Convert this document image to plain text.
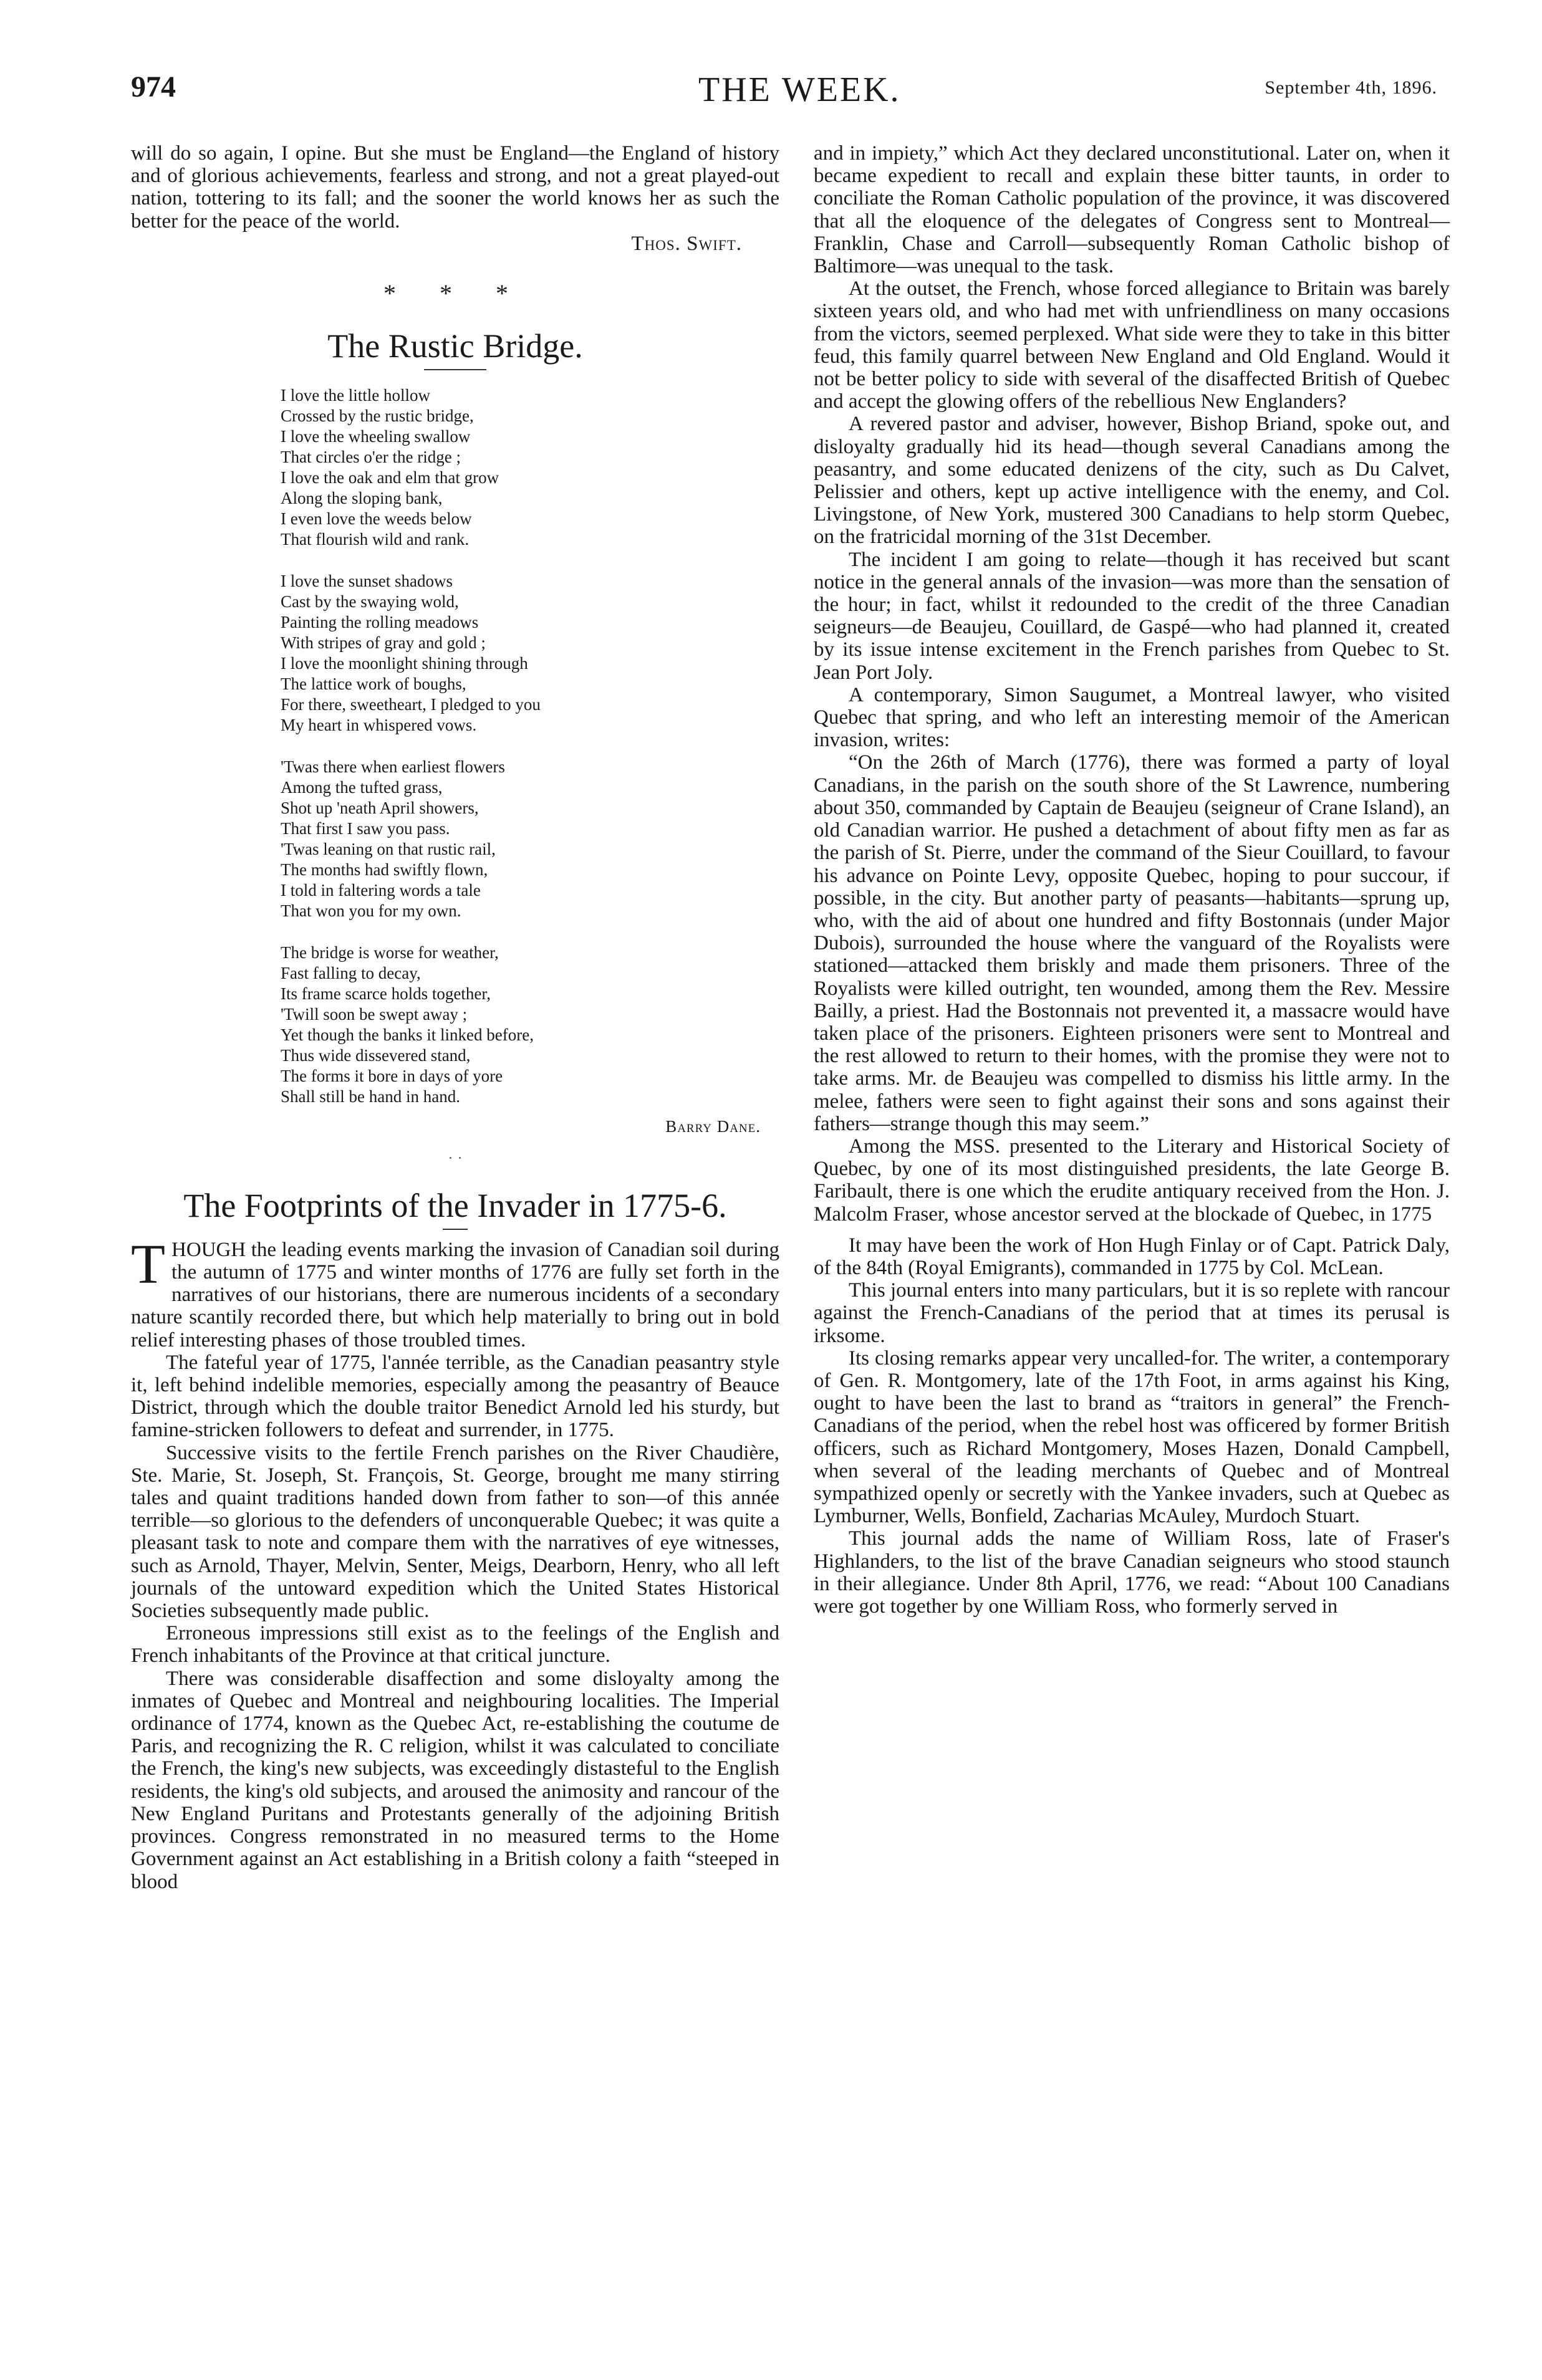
974	THE WEEK.	September 4th, 1896.

will do so again, I opine. But she must be England—the England of history and of glorious achievements, fearless and strong, and not a great played-out nation, tottering to its fall; and the sooner the world knows her as such the better for the peace of the world.

Thos. Swift.
* * *
The Rustic Bridge.
I love the little hollow
Crossed by the rustic bridge,
I love the wheeling swallow
That circles o'er the ridge ;
I love the oak and elm that grow
Along the sloping bank,
I even love the weeds below
That flourish wild and rank.
I love the sunset shadows
Cast by the swaying wold,
Painting the rolling meadows
With stripes of gray and gold ;
I love the moonlight shining through
The lattice work of boughs,
For there, sweetheart, I pledged to you
My heart in whispered vows.
'Twas there when earliest flowers
Among the tufted grass,
Shot up 'neath April showers,
That first I saw you pass.
'Twas leaning on that rustic rail,
The months had swiftly flown,
I told in faltering words a tale
That won you for my own.
The bridge is worse for weather,
Fast falling to decay,
Its frame scarce holds together,
'Twill soon be swept away ;
Yet though the banks it linked before,
Thus wide dissevered stand,
The forms it bore in days of yore
Shall still be hand in hand.
Barry Dane.
· ·
The Footprints of the Invader in 1775-6.
T HOUGH the leading events marking the invasion of Canadian soil during the autumn of 1775 and winter months of 1776 are fully set forth in the narratives of our historians, there are numerous incidents of a secondary nature scantily recorded there, but which help materially to bring out in bold relief interesting phases of those troubled times.

The fateful year of 1775, l'année terrible, as the Canadian peasantry style it, left behind indelible memories, especially among the peasantry of Beauce District, through which the double traitor Benedict Arnold led his sturdy, but famine-stricken followers to defeat and surrender, in 1775.

Successive visits to the fertile French parishes on the River Chaudière, Ste. Marie, St. Joseph, St. François, St. George, brought me many stirring tales and quaint traditions handed down from father to son—of this année terrible—so glorious to the defenders of unconquerable Quebec; it was quite a pleasant task to note and compare them with the narratives of eye witnesses, such as Arnold, Thayer, Melvin, Senter, Meigs, Dearborn, Henry, who all left journals of the untoward expedition which the United States Historical Societies subsequently made public.

Erroneous impressions still exist as to the feelings of the English and French inhabitants of the Province at that critical juncture.

There was considerable disaffection and some disloyalty among the inmates of Quebec and Montreal and neighbouring localities. The Imperial ordinance of 1774, known as the Quebec Act, re-establishing the coutume de Paris, and recognizing the R. C religion, whilst it was calculated to conciliate the French, the king's new subjects, was exceedingly distasteful to the English residents, the king's old subjects, and aroused the animosity and rancour of the New England Puritans and Protestants generally of the adjoining British provinces. Congress remonstrated in no measured terms to the Home Government against an Act establishing in a British colony a faith “steeped in blood

and in impiety,” which Act they declared unconstitutional. Later on, when it became expedient to recall and explain these bitter taunts, in order to conciliate the Roman Catholic population of the province, it was discovered that all the eloquence of the delegates of Congress sent to Montreal—Franklin, Chase and Carroll—subsequently Roman Catholic bishop of Baltimore—was unequal to the task.

At the outset, the French, whose forced allegiance to Britain was barely sixteen years old, and who had met with unfriendliness on many occasions from the victors, seemed perplexed. What side were they to take in this bitter feud, this family quarrel between New England and Old England. Would it not be better policy to side with several of the disaffected British of Quebec and accept the glowing offers of the rebellious New Englanders?

A revered pastor and adviser, however, Bishop Briand, spoke out, and disloyalty gradually hid its head—though several Canadians among the peasantry, and some educated denizens of the city, such as Du Calvet, Pelissier and others, kept up active intelligence with the enemy, and Col. Livingstone, of New York, mustered 300 Canadians to help storm Quebec, on the fratricidal morning of the 31st December.

The incident I am going to relate—though it has received but scant notice in the general annals of the invasion—was more than the sensation of the hour; in fact, whilst it redounded to the credit of the three Canadian seigneurs—de Beaujeu, Couillard, de Gaspé—who had planned it, created by its issue intense excitement in the French parishes from Quebec to St. Jean Port Joly.

A contemporary, Simon Saugumet, a Montreal lawyer, who visited Quebec that spring, and who left an interesting memoir of the American invasion, writes:

“On the 26th of March (1776), there was formed a party of loyal Canadians, in the parish on the south shore of the St Lawrence, numbering about 350, commanded by Captain de Beaujeu (seigneur of Crane Island), an old Canadian warrior. He pushed a detachment of about fifty men as far as the parish of St. Pierre, under the command of the Sieur Couillard, to favour his advance on Pointe Levy, opposite Quebec, hoping to pour succour, if possible, in the city. But another party of peasants—habitants—sprung up, who, with the aid of about one hundred and fifty Bostonnais (under Major Dubois), surrounded the house where the vanguard of the Royalists were stationed—attacked them briskly and made them prisoners. Three of the Royalists were killed outright, ten wounded, among them the Rev. Messire Bailly, a priest. Had the Bostonnais not prevented it, a massacre would have taken place of the prisoners. Eighteen prisoners were sent to Montreal and the rest allowed to return to their homes, with the promise they were not to take arms. Mr. de Beaujeu was compelled to dismiss his little army. In the melee, fathers were seen to fight against their sons and sons against their fathers—strange though this may seem.”

Among the MSS. presented to the Literary and Historical Society of Quebec, by one of its most distinguished presidents, the late George B. Faribault, there is one which the erudite antiquary received from the Hon. J. Malcolm Fraser, whose ancestor served at the blockade of Quebec, in 1775

It may have been the work of Hon Hugh Finlay or of Capt. Patrick Daly, of the 84th (Royal Emigrants), commanded in 1775 by Col. McLean.

This journal enters into many particulars, but it is so replete with rancour against the French-Canadians of the period that at times its perusal is irksome.

Its closing remarks appear very uncalled-for. The writer, a contemporary of Gen. R. Montgomery, late of the 17th Foot, in arms against his King, ought to have been the last to brand as “traitors in general” the French-Canadians of the period, when the rebel host was officered by former British officers, such as Richard Montgomery, Moses Hazen, Donald Campbell, when several of the leading merchants of Quebec and of Montreal sympathized openly or secretly with the Yankee invaders, such at Quebec as Lymburner, Wells, Bonfield, Zacharias McAuley, Murdoch Stuart.

This journal adds the name of William Ross, late of Fraser's Highlanders, to the list of the brave Canadian seigneurs who stood staunch in their allegiance. Under 8th April, 1776, we read: “About 100 Canadians were got together by one William Ross, who formerly served in
